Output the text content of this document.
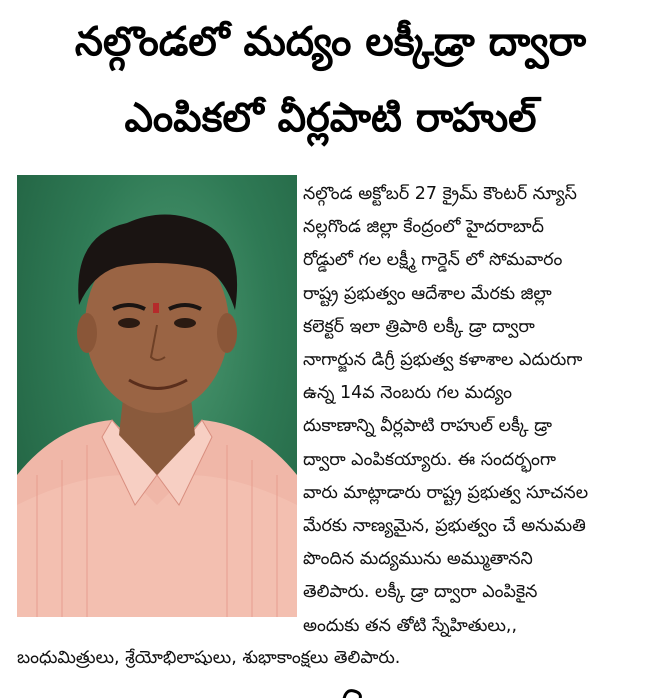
నల్గొండలో మద్యం లక్కీడ్రా ద్వారా
ఎంపికలో వీర్లపాటి రాహుల్
నల్గొండ అక్టోబర్ 27 క్రైమ్ కౌంటర్ న్యూస్
నల్లగొండ జిల్లా కేంద్రంలో హైదరాబాద్
రోడ్డులో గల లక్ష్మీ గార్డెన్ లో సోమవారం
రాష్ట్ర ప్రభుత్వం ఆదేశాల మేరకు జిల్లా
కలెక్టర్ ఇలా త్రిపాఠి లక్కీ డ్రా ద్వారా
నాగార్జున డిగ్రీ ప్రభుత్వ కళాశాల ఎదురుగా
ఉన్న 14వ నెంబరు గల మద్యం
దుకాణాన్ని వీర్లపాటి రాహుల్ లక్కీ డ్రా
ద్వారా ఎంపికయ్యారు. ఈ సందర్భంగా
వారు మాట్లాడారు రాష్ట్ర ప్రభుత్వ సూచనల
మేరకు నాణ్యమైన, ప్రభుత్వం చే అనుమతి
పొందిన మద్యమును అమ్ముతానని
తెలిపారు. లక్కీ డ్రా ద్వారా ఎంపికైన
అందుకు తన తోటి స్నేహితులు,,
బంధుమిత్రులు, శ్రేయోభిలాషులు, శుభాకాంక్షలు తెలిపారు.
